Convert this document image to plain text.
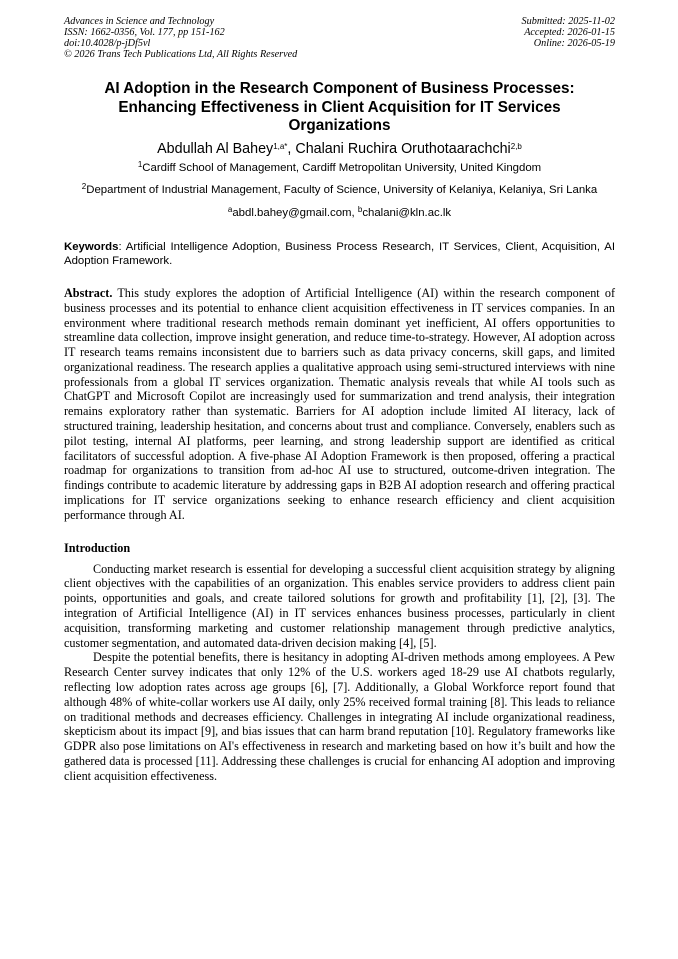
Advances in Science and Technology
ISSN: 1662-0356, Vol. 177, pp 151-162
doi:10.4028/p-jDf5vl
© 2026 Trans Tech Publications Ltd, All Rights Reserved
Submitted: 2025-11-02
Accepted: 2026-01-15
Online: 2026-05-19
AI Adoption in the Research Component of Business Processes:
Enhancing Effectiveness in Client Acquisition for IT Services
Organizations
Abdullah Al Bahey$^{1,a*}$, Chalani Ruchira Oruthotaarachchi$^{2,b}$
$^1$Cardiff School of Management, Cardiff Metropolitan University, United Kingdom
$^2$Department of Industrial Management, Faculty of Science, University of Kelaniya, Kelaniya, Sri Lanka
$^a$abdl.bahey@gmail.com, $^b$chalani@kln.ac.lk
Keywords: Artificial Intelligence Adoption, Business Process Research, IT Services, Client, Acquisition, AI Adoption Framework.
Abstract. This study explores the adoption of Artificial Intelligence (AI) within the research component of business processes and its potential to enhance client acquisition effectiveness in IT services companies. In an environment where traditional research methods remain dominant yet inefficient, AI offers opportunities to streamline data collection, improve insight generation, and reduce time-to-strategy. However, AI adoption across IT research teams remains inconsistent due to barriers such as data privacy concerns, skill gaps, and limited organizational readiness. The research applies a qualitative approach using semi-structured interviews with nine professionals from a global IT services organization. Thematic analysis reveals that while AI tools such as ChatGPT and Microsoft Copilot are increasingly used for summarization and trend analysis, their integration remains exploratory rather than systematic. Barriers for AI adoption include limited AI literacy, lack of structured training, leadership hesitation, and concerns about trust and compliance. Conversely, enablers such as pilot testing, internal AI platforms, peer learning, and strong leadership support are identified as critical facilitators of successful adoption. A five-phase AI Adoption Framework is then proposed, offering a practical roadmap for organizations to transition from ad-hoc AI use to structured, outcome-driven integration. The findings contribute to academic literature by addressing gaps in B2B AI adoption research and offering practical implications for IT service organizations seeking to enhance research efficiency and client acquisition performance through AI.
Introduction

Conducting market research is essential for developing a successful client acquisition strategy by aligning client objectives with the capabilities of an organization. This enables service providers to address client pain points, opportunities and goals, and create tailored solutions for growth and profitability [1], [2], [3]. The integration of Artificial Intelligence (AI) in IT services enhances business processes, particularly in client acquisition, transforming marketing and customer relationship management through predictive analytics, customer segmentation, and automated data-driven decision making [4], [5].

Despite the potential benefits, there is hesitancy in adopting AI-driven methods among employees. A Pew Research Center survey indicates that only 12% of the U.S. workers aged 18-29 use AI chatbots regularly, reflecting low adoption rates across age groups [6], [7]. Additionally, a Global Workforce report found that although 48% of white-collar workers use AI daily, only 25% received formal training [8]. This leads to reliance on traditional methods and decreases efficiency. Challenges in integrating AI include organizational readiness, skepticism about its impact [9], and bias issues that can harm brand reputation [10]. Regulatory frameworks like GDPR also pose limitations on AI's effectiveness in research and marketing based on how it’s built and how the gathered data is processed [11]. Addressing these challenges is crucial for enhancing AI adoption and improving client acquisition effectiveness.
